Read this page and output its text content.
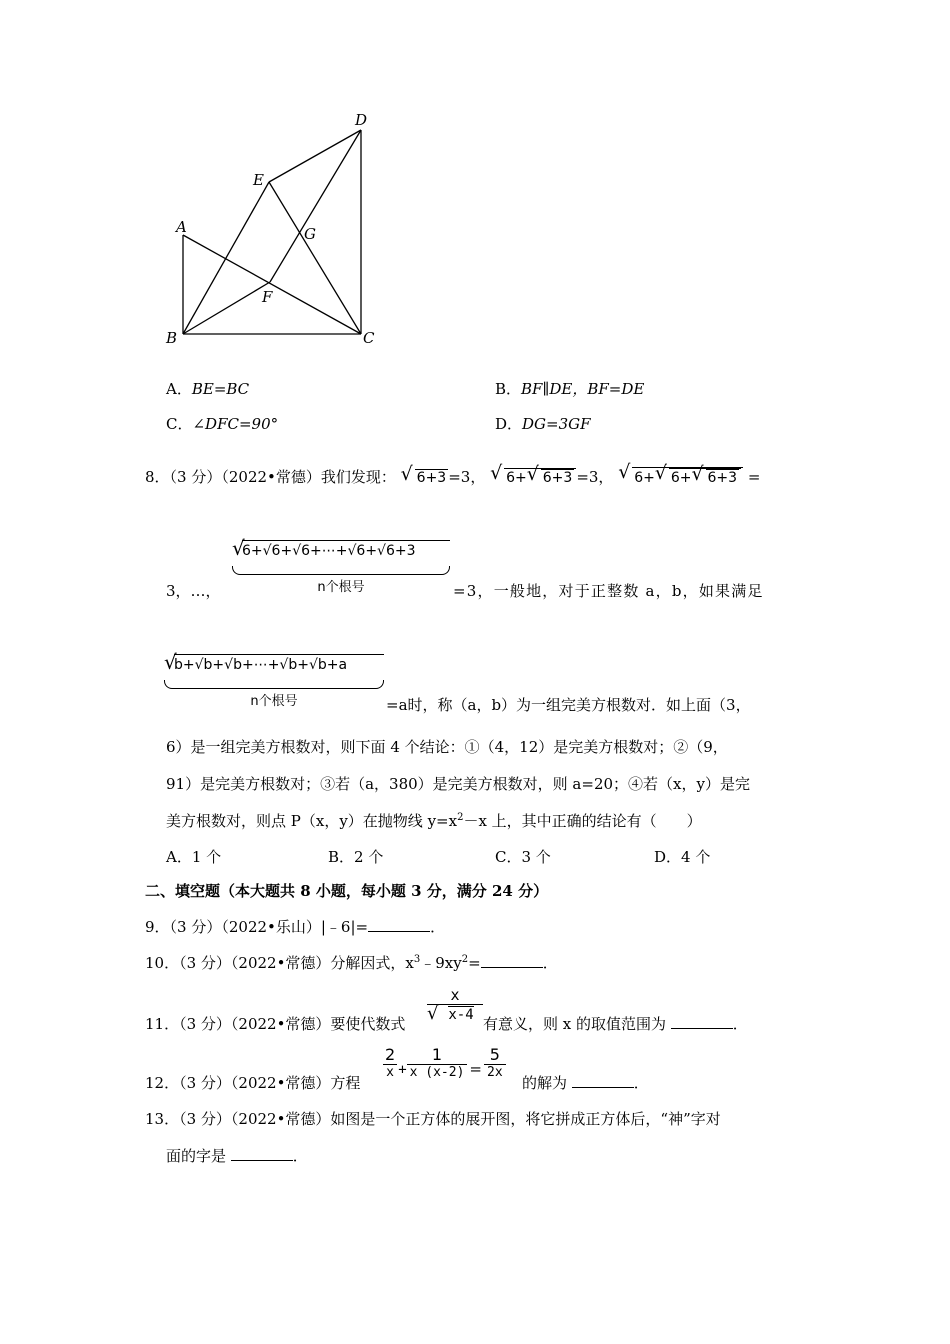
D
E
A	G
F
B	C
A．BE=BC	B．BF∥DE，BF=DE
C．∠DFC=90°	D．DG=3GF
8．（3 分）（2022•常德）我们发现： √ 6+3 =3， √ 6+ √ 6+3 =3， √ 6+ √ 6+ √ 6+3 =
3，…，
6+√6+√6+⋯+√6+√6+3
√
n个根号	=3，一般地，对于正整数 a，b，如果满足
b+√b+√b+⋯+√b+√b+a
√
n个根号	=a时，称（a，b）为一组完美方根数对．如上面（3，
6）是一组完美方根数对，则下面 4 个结论：①（4，12）是完美方根数对；②（9，
91）是完美方根数对；③若（a，380）是完美方根数对，则 a=20；④若（x，y）是完
美方根数对，则点 P（x，y）在抛物线 $y=x^2-x$ 上，其中正确的结论有（　　）
A．1 个	B．2 个	C．3 个	D．4 个
二、填空题（本大题共 8 小题，每小题 3 分，满分 24 分）
9．（3 分）（2022•乐山）|﹣6|=	．
10．（3 分）（2022•常德）分解因式，$x^3﹣9xy^2=$	．
11．（3 分）（2022•常德）要使代数式
$\frac{x}{√ x-4}$
有意义，则 x 的取值范围为	．
12．（3 分）（2022•常德）方程
$\frac{2}{x} + \frac{1}{x (x-2)} = \frac{5}{2x}$
的解为	．
13．（3 分）（2022•常德）如图是一个正方体的展开图，将它拼成正方体后，“神”字对
面的字是	．
